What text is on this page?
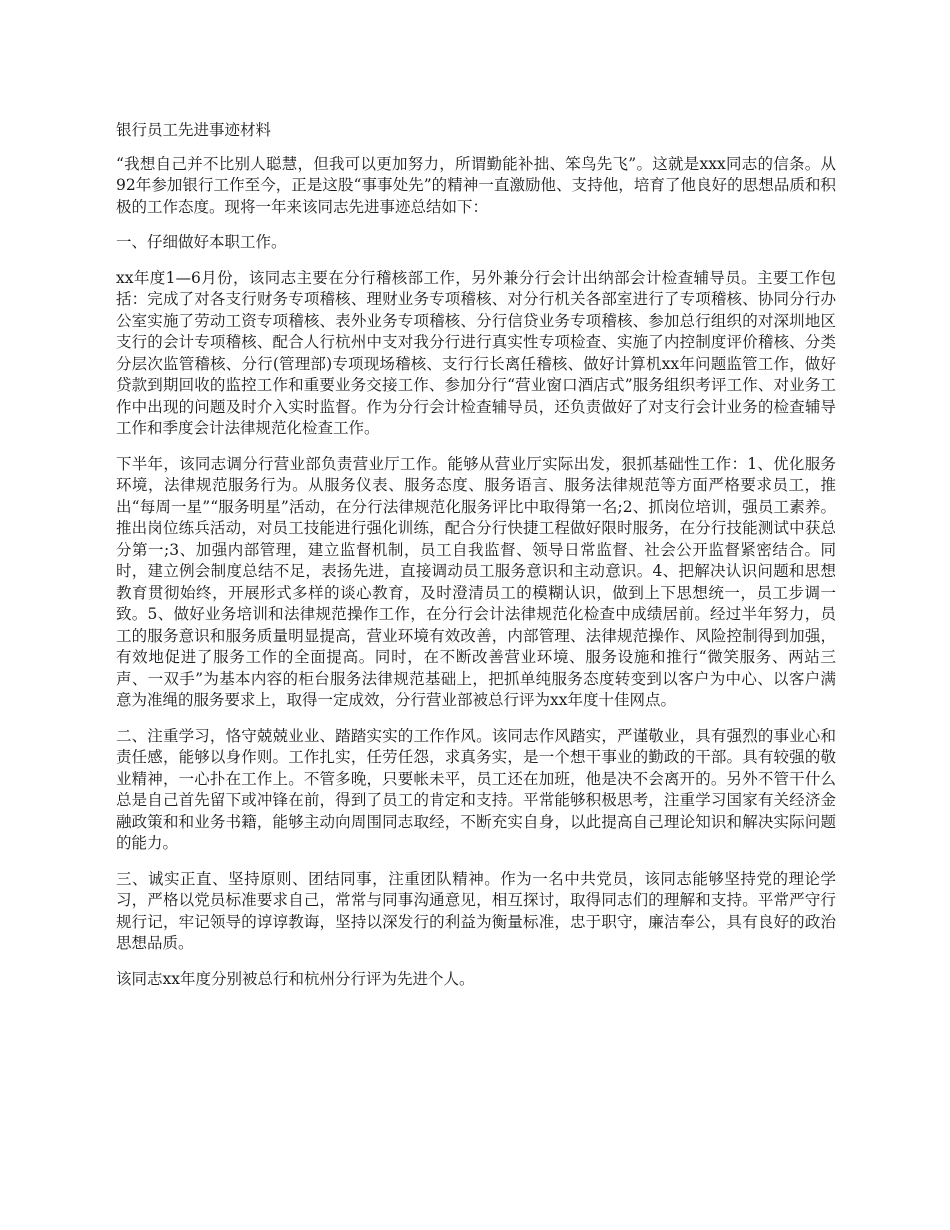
银行员工先进事迹材料

“我想自己并不比别人聪慧，但我可以更加努力，所谓勤能补拙、笨鸟先飞”。这就是xxx同志的信条。从92年参加银行工作至今，正是这股“事事处先”的精神一直激励他、支持他，培育了他良好的思想品质和积极的工作态度。现将一年来该同志先进事迹总结如下：

一、仔细做好本职工作。

xx年度1—6月份，该同志主要在分行稽核部工作，另外兼分行会计出纳部会计检查辅导员。主要工作包括：完成了对各支行财务专项稽核、理财业务专项稽核、对分行机关各部室进行了专项稽核、协同分行办公室实施了劳动工资专项稽核、表外业务专项稽核、分行信贷业务专项稽核、参加总行组织的对深圳地区支行的会计专项稽核、配合人行杭州中支对我分行进行真实性专项检查、实施了内控制度评价稽核、分类分层次监管稽核、分行(管理部)专项现场稽核、支行行长离任稽核、做好计算机xx年问题监管工作，做好贷款到期回收的监控工作和重要业务交接工作、参加分行“营业窗口酒店式”服务组织考评工作、对业务工作中出现的问题及时介入实时监督。作为分行会计检查辅导员，还负责做好了对支行会计业务的检查辅导工作和季度会计法律规范化检查工作。

下半年，该同志调分行营业部负责营业厅工作。能够从营业厅实际出发，狠抓基础性工作：1、优化服务环境，法律规范服务行为。从服务仪表、服务态度、服务语言、服务法律规范等方面严格要求员工，推出“每周一星”“服务明星”活动，在分行法律规范化服务评比中取得第一名;2、抓岗位培训，强员工素养。推出岗位练兵活动，对员工技能进行强化训练，配合分行快捷工程做好限时服务，在分行技能测试中获总分第一;3、加强内部管理，建立监督机制，员工自我监督、领导日常监督、社会公开监督紧密结合。同时，建立例会制度总结不足，表扬先进，直接调动员工服务意识和主动意识。4、把解决认识问题和思想教育贯彻始终，开展形式多样的谈心教育，及时澄清员工的模糊认识，做到上下思想统一，员工步调一致。5、做好业务培训和法律规范操作工作，在分行会计法律规范化检查中成绩居前。经过半年努力，员工的服务意识和服务质量明显提高，营业环境有效改善，内部管理、法律规范操作、风险控制得到加强，有效地促进了服务工作的全面提高。同时，在不断改善营业环境、服务设施和推行“微笑服务、两站三声、一双手”为基本内容的柜台服务法律规范基础上，把抓单纯服务态度转变到以客户为中心、以客户满意为准绳的服务要求上，取得一定成效，分行营业部被总行评为xx年度十佳网点。

二、注重学习，恪守兢兢业业、踏踏实实的工作作风。该同志作风踏实，严谨敬业，具有强烈的事业心和责任感，能够以身作则。工作扎实，任劳任怨，求真务实，是一个想干事业的勤政的干部。具有较强的敬业精神，一心扑在工作上。不管多晚，只要帐未平，员工还在加班，他是决不会离开的。另外不管干什么总是自己首先留下或冲锋在前，得到了员工的肯定和支持。平常能够积极思考，注重学习国家有关经济金融政策和和业务书籍，能够主动向周围同志取经，不断充实自身，以此提高自己理论知识和解决实际问题的能力。

三、诚实正直、坚持原则、团结同事，注重团队精神。作为一名中共党员，该同志能够坚持党的理论学习，严格以党员标准要求自己，常常与同事沟通意见，相互探讨，取得同志们的理解和支持。平常严守行规行记，牢记领导的谆谆教诲，坚持以深发行的利益为衡量标准，忠于职守，廉洁奉公，具有良好的政治思想品质。

该同志xx年度分别被总行和杭州分行评为先进个人。
